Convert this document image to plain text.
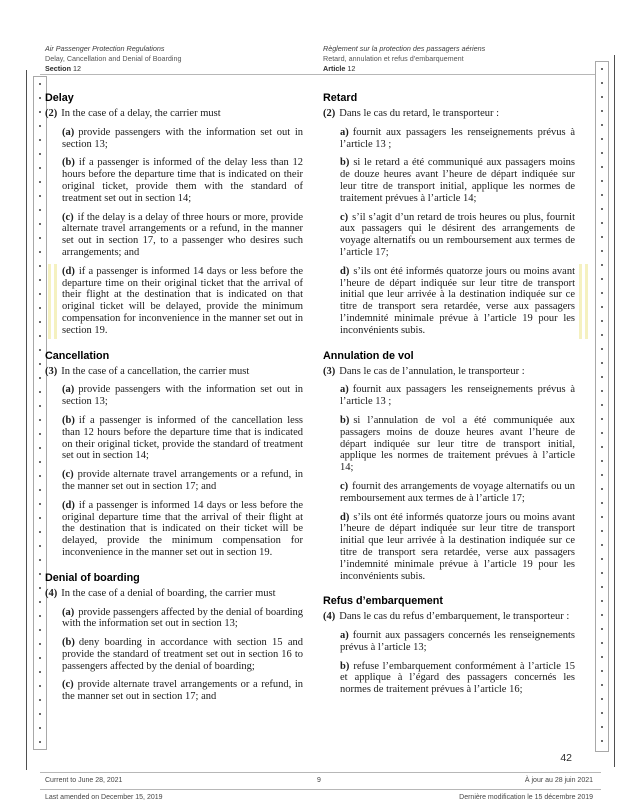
Air Passenger Protection Regulations
Delay, Cancellation and Denial of Boarding
Section 12
Règlement sur la protection des passagers aériens
Retard, annulation et refus d’embarquement
Article 12
Delay

(2) In the case of a delay, the carrier must

(a) provide passengers with the information set out in section 13;

(b) if a passenger is informed of the delay less than 12 hours before the departure time that is indicated on their original ticket, provide them with the standard of treatment set out in section 14;

(c) if the delay is a delay of three hours or more, provide alternate travel arrangements or a refund, in the manner set out in section 17, to a passenger who desires such arrangements; and

(d) if a passenger is informed 14 days or less before the departure time on their original ticket that the arrival of their flight at the destination that is indicated on that original ticket will be delayed, provide the minimum compensation for inconvenience in the manner set out in section 19.

Cancellation

(3) In the case of a cancellation, the carrier must

(a) provide passengers with the information set out in section 13;

(b) if a passenger is informed of the cancellation less than 12 hours before the departure time that is indicated on their original ticket, provide the standard of treatment set out in section 14;

(c) provide alternate travel arrangements or a refund, in the manner set out in section 17; and

(d) if a passenger is informed 14 days or less before the original departure time that the arrival of their flight at the destination that is indicated on their ticket will be delayed, provide the minimum compensation for inconvenience in the manner set out in section 19.

Denial of boarding

(4) In the case of a denial of boarding, the carrier must

(a) provide passengers affected by the denial of boarding with the information set out in section 13;

(b) deny boarding in accordance with section 15 and provide the standard of treatment set out in section 16 to passengers affected by the denial of boarding;

(c) provide alternate travel arrangements or a refund, in the manner set out in section 17; and

Retard

(2) Dans le cas du retard, le transporteur :

a) fournit aux passagers les renseignements prévus à l’article 13 ;

b) si le retard a été communiqué aux passagers moins de douze heures avant l’heure de départ indiquée sur leur titre de transport initial, applique les normes de traitement prévues à l’article 14;

c) s’il s’agit d’un retard de trois heures ou plus, fournit aux passagers qui le désirent des arrangements de voyage alternatifs ou un remboursement aux termes de l’article 17;

d) s’ils ont été informés quatorze jours ou moins avant l’heure de départ indiquée sur leur titre de transport initial que leur arrivée à la destination indiquée sur ce titre de transport sera retardée, verse aux passagers l’indemnité minimale prévue à l’article 19 pour les inconvénients subis.

Annulation de vol

(3) Dans le cas de l’annulation, le transporteur :

a) fournit aux passagers les renseignements prévus à l’article 13 ;

b) si l’annulation de vol a été communiquée aux passagers moins de douze heures avant l’heure de départ indiquée sur leur titre de transport initial, applique les normes de traitement prévues à l’article 14;

c) fournit des arrangements de voyage alternatifs ou un remboursement aux termes de à l’article 17;

d) s’ils ont été informés quatorze jours ou moins avant l’heure de départ indiquée sur leur titre de transport initial que leur arrivée à la destination indiquée sur ce titre de transport sera retardée, verse aux passagers l’indemnité minimale prévue à l’article 19 pour les inconvénients subis.

Refus d’embarquement

(4) Dans le cas du refus d’embarquement, le transporteur :

a) fournit aux passagers concernés les renseignements prévus à l’article 13;

b) refuse l’embarquement conformément à l’article 15 et applique à l’égard des passagers concernés les normes de traitement prévues à l’article 16;

42
Current to June 28, 2021	9	À jour au 28 juin 2021
Last amended on December 15, 2019	Dernière modification le 15 décembre 2019
